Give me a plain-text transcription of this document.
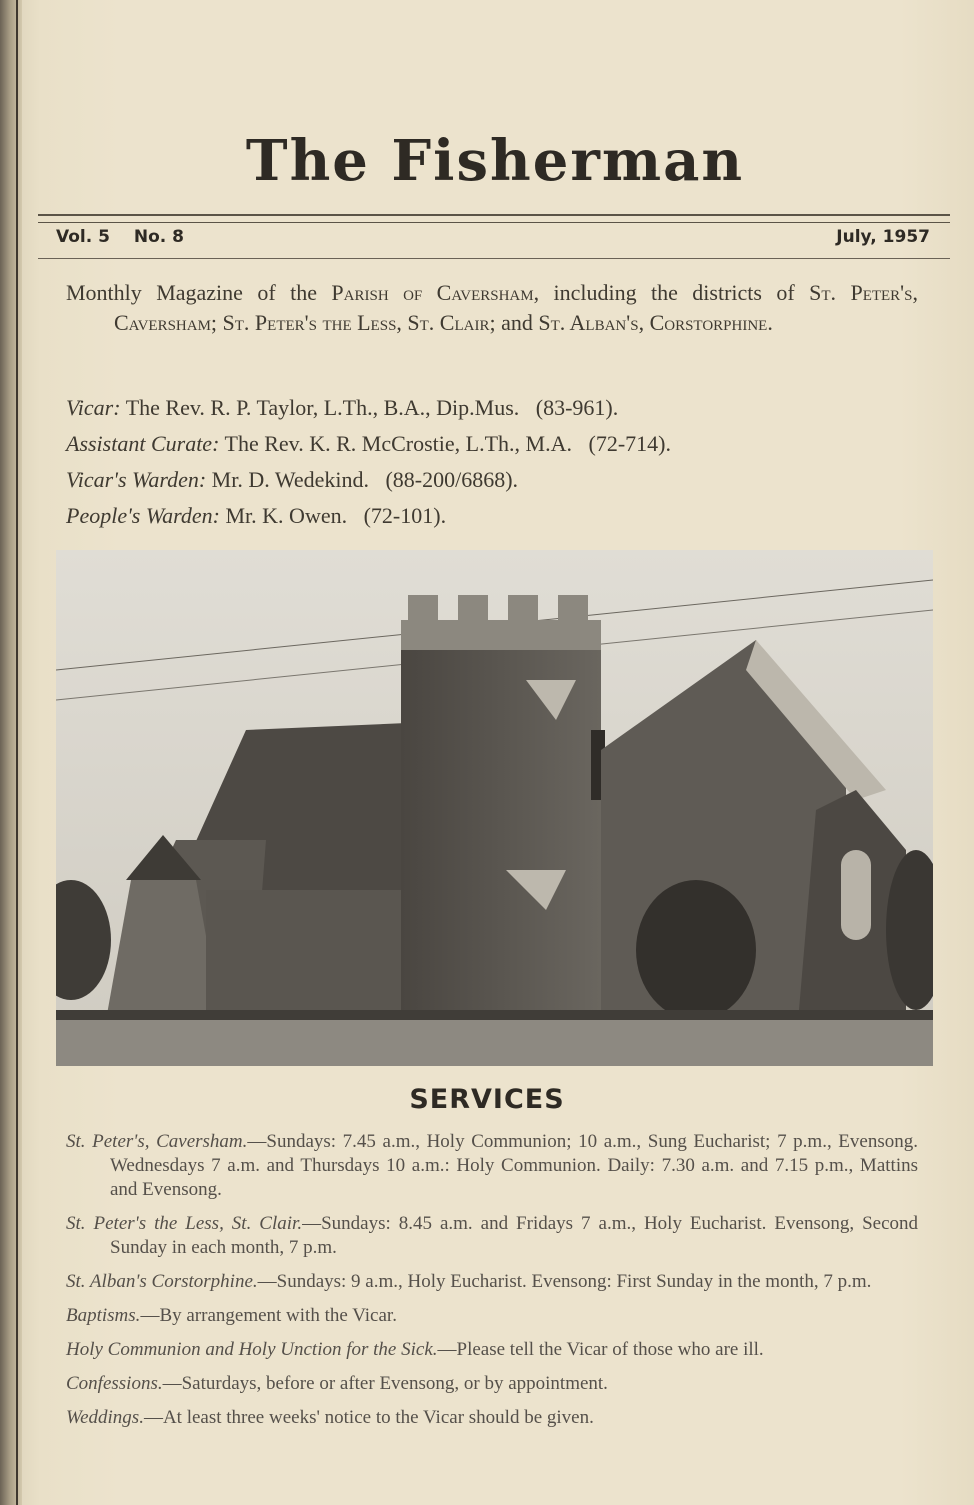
The Fisherman
Vol. 5 No. 8	July, 1957

Monthly Magazine of the Parish of Caversham, including the districts of St. Peter's, Caversham; St. Peter's the Less, St. Clair; and St. Alban's, Corstorphine.

Vicar: The Rev. R. P. Taylor, L.Th., B.A., Dip.Mus. (83-961).
Assistant Curate: The Rev. K. R. McCrostie, L.Th., M.A. (72-714).
Vicar's Warden: Mr. D. Wedekind. (88-200/6868).
People's Warden: Mr. K. Owen. (72-101).
SERVICES

St. Peter's, Caversham.—Sundays: 7.45 a.m., Holy Communion; 10 a.m., Sung Eucharist; 7 p.m., Evensong. Wednesdays 7 a.m. and Thursdays 10 a.m.: Holy Communion. Daily: 7.30 a.m. and 7.15 p.m., Mattins and Evensong.

St. Peter's the Less, St. Clair.—Sundays: 8.45 a.m. and Fridays 7 a.m., Holy Eucharist. Evensong, Second Sunday in each month, 7 p.m.

St. Alban's Corstorphine.—Sundays: 9 a.m., Holy Eucharist. Evensong: First Sunday in the month, 7 p.m.

Baptisms.—By arrangement with the Vicar.

Holy Communion and Holy Unction for the Sick.—Please tell the Vicar of those who are ill.

Confessions.—Saturdays, before or after Evensong, or by appointment.

Weddings.—At least three weeks' notice to the Vicar should be given.
